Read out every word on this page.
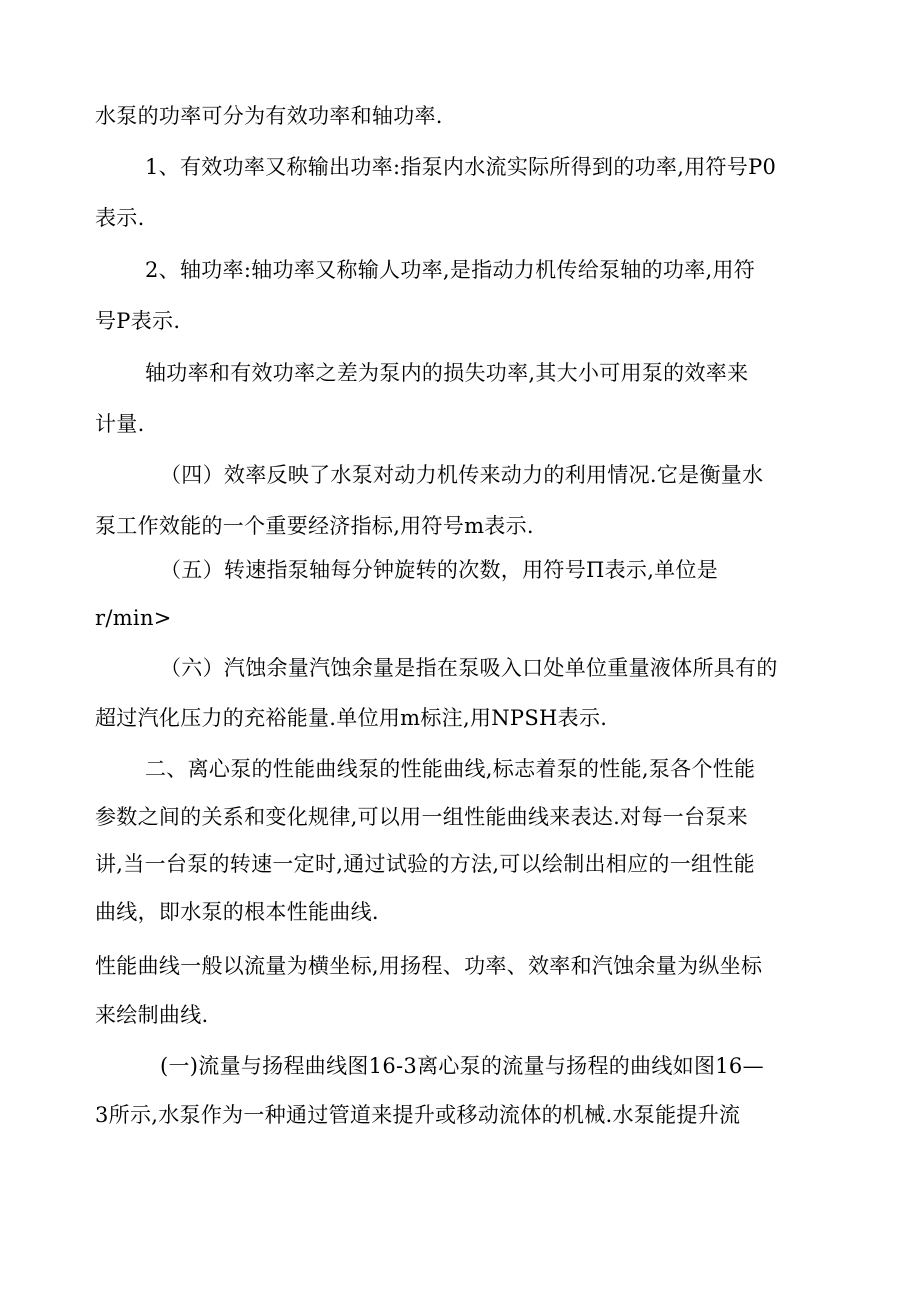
水泵的功率可分为有效功率和轴功率.
1、有效功率又称输出功率:指泵内水流实际所得到的功率,用符号P0
表示.
2、轴功率:轴功率又称输人功率,是指动力机传给泵轴的功率,用符
号P表示.
轴功率和有效功率之差为泵内的损失功率,其大小可用泵的效率来
计量.
（四）效率反映了水泵对动力机传来动力的利用情况.它是衡量水
泵工作效能的一个重要经济指标,用符号m表示.
（五）转速指泵轴每分钟旋转的次数，用符号Π表示,单位是
r/min>
（六）汽蚀余量汽蚀余量是指在泵吸入口处单位重量液体所具有的
超过汽化压力的充裕能量.单位用m标注,用NPSH表示.
二、离心泵的性能曲线泵的性能曲线,标志着泵的性能,泵各个性能
参数之间的关系和变化规律,可以用一组性能曲线来表达.对每一台泵来
讲,当一台泵的转速一定时,通过试验的方法,可以绘制出相应的一组性能
曲线，即水泵的根本性能曲线.
性能曲线一般以流量为横坐标,用扬程、功率、效率和汽蚀余量为纵坐标
来绘制曲线.
(一)流量与扬程曲线图16-3离心泵的流量与扬程的曲线如图16—
3所示,水泵作为一种通过管道来提升或移动流体的机械.水泵能提升流
